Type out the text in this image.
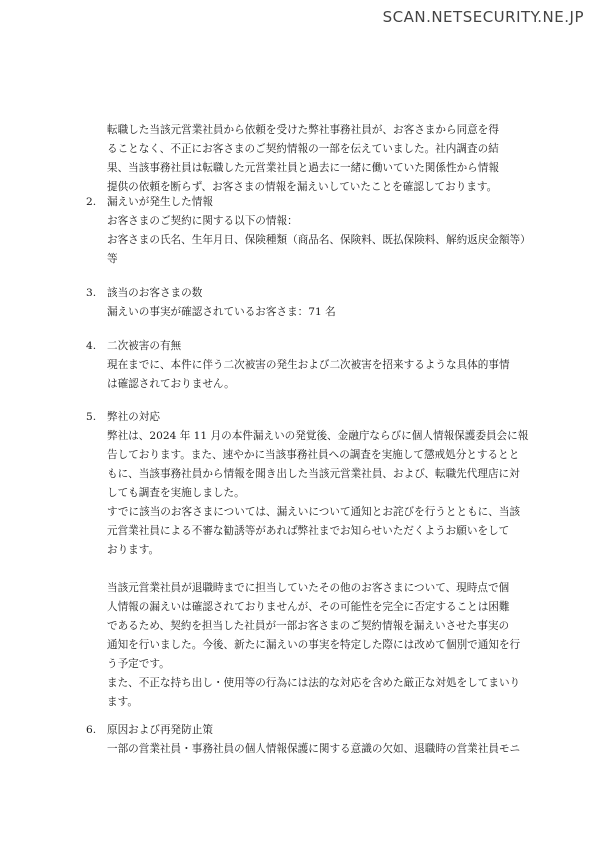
SCAN.NETSECURITY.NE.JP

転職した当該元営業社員から依頼を受けた弊社事務社員が、お客さまから同意を得

ることなく、不正にお客さまのご契約情報の一部を伝えていました。社内調査の結

果、当該事務社員は転職した元営業社員と過去に一緒に働いていた関係性から情報

提供の依頼を断らず、お客さまの情報を漏えいしていたことを確認しております。

2.	漏えいが発生した情報

お客さまのご契約に関する以下の情報：

お客さまの氏名、生年月日、保険種類（商品名、保険料、既払保険料、解約返戻金額等）

等

3.	該当のお客さまの数

漏えいの事実が確認されているお客さま：71 名

4.	二次被害の有無

現在までに、本件に伴う二次被害の発生および二次被害を招来するような具体的事情

は確認されておりません。

5.	弊社の対応

弊社は、2024 年 11 月の本件漏えいの発覚後、金融庁ならびに個人情報保護委員会に報

告しております。また、速やかに当該事務社員への調査を実施して懲戒処分とするとと

もに、当該事務社員から情報を聞き出した当該元営業社員、および、転職先代理店に対

しても調査を実施しました。

すでに該当のお客さまについては、漏えいについて通知とお詫びを行うとともに、当該

元営業社員による不審な勧誘等があれば弊社までお知らせいただくようお願いをして

おります。

当該元営業社員が退職時までに担当していたその他のお客さまについて、現時点で個

人情報の漏えいは確認されておりませんが、その可能性を完全に否定することは困難

であるため、契約を担当した社員が一部お客さまのご契約情報を漏えいさせた事実の

通知を行いました。今後、新たに漏えいの事実を特定した際には改めて個別で通知を行

う予定です。

また、不正な持ち出し・使用等の行為には法的な対応を含めた厳正な対処をしてまいり

ます。

6.	原因および再発防止策

一部の営業社員・事務社員の個人情報保護に関する意識の欠如、退職時の営業社員モニ
